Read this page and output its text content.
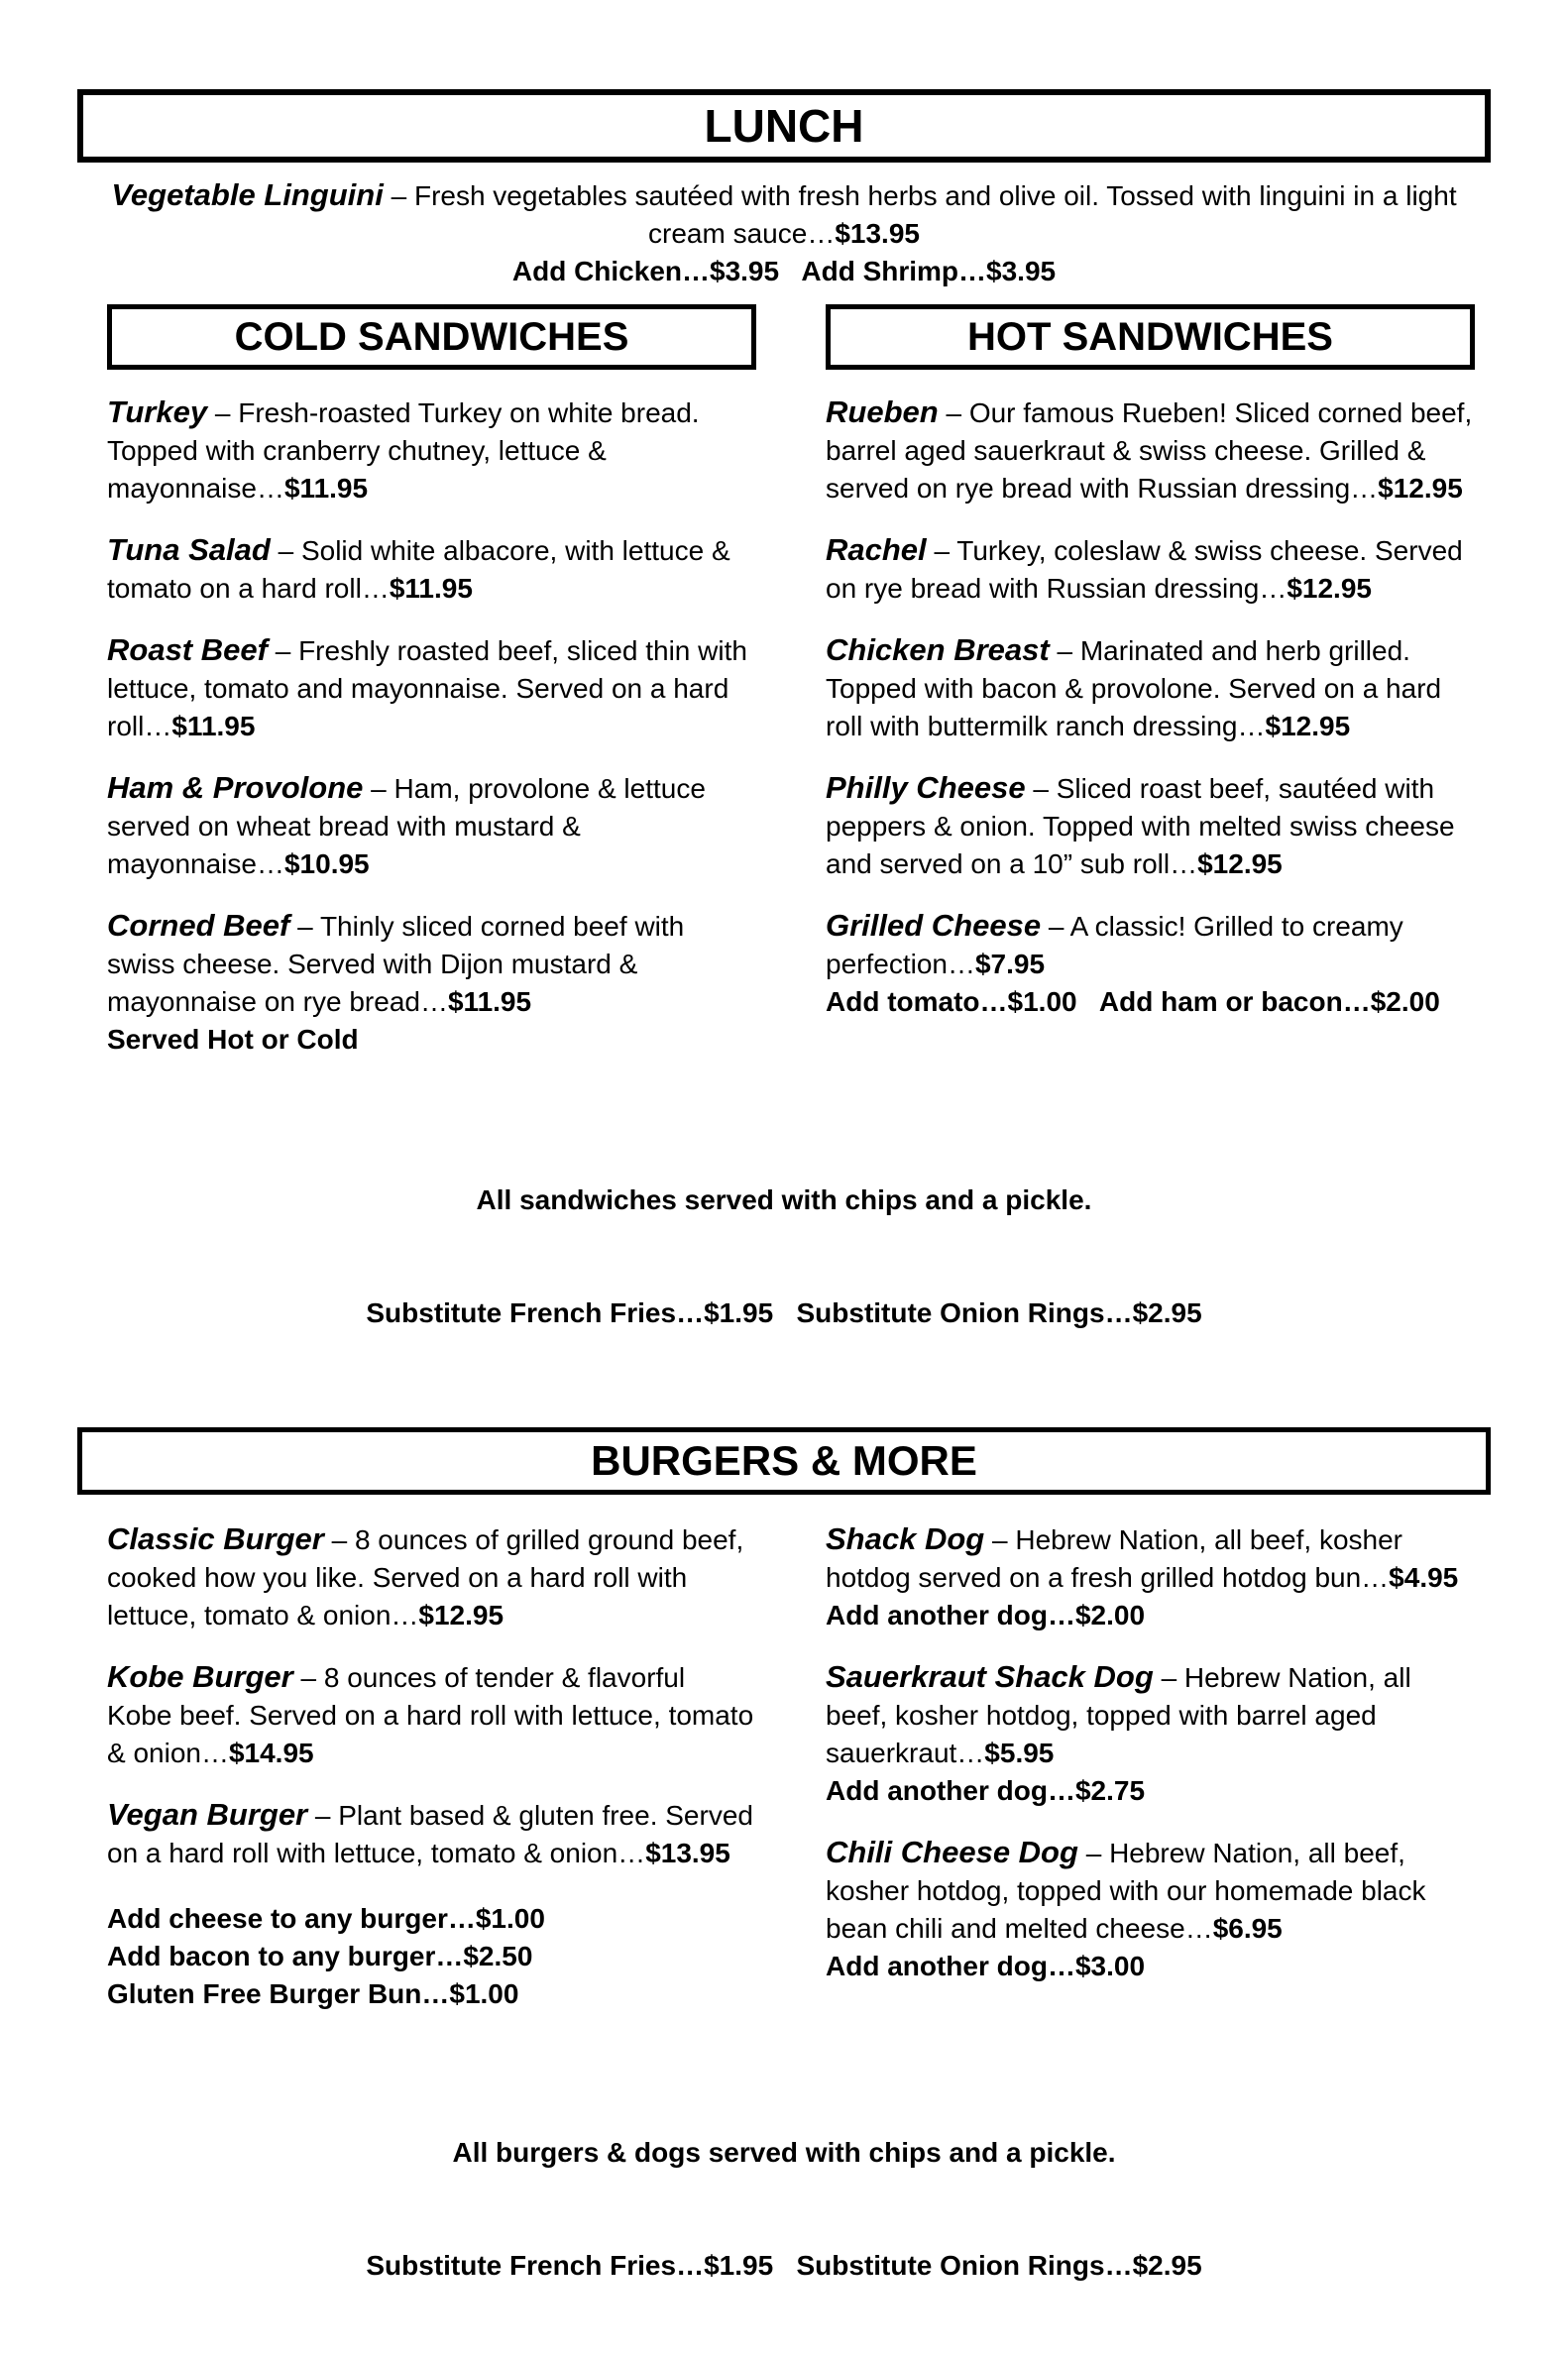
LUNCH
Vegetable Linguini – Fresh vegetables sautéed with fresh herbs and olive oil. Tossed with linguini in a light cream sauce…$13.95
Add Chicken…$3.95   Add Shrimp…$3.95
COLD SANDWICHES
Turkey – Fresh-roasted Turkey on white bread. Topped with cranberry chutney, lettuce & mayonnaise…$11.95
Tuna Salad – Solid white albacore, with lettuce & tomato on a hard roll…$11.95
Roast Beef – Freshly roasted beef, sliced thin with lettuce, tomato and mayonnaise. Served on a hard roll…$11.95
Ham & Provolone – Ham, provolone & lettuce served on wheat bread with mustard & mayonnaise…$10.95
Corned Beef – Thinly sliced corned beef with swiss cheese. Served with Dijon mustard & mayonnaise on rye bread…$11.95
Served Hot or Cold
HOT SANDWICHES
Rueben – Our famous Rueben! Sliced corned beef, barrel aged sauerkraut & swiss cheese. Grilled & served on rye bread with Russian dressing…$12.95
Rachel – Turkey, coleslaw & swiss cheese. Served on rye bread with Russian dressing…$12.95
Chicken Breast – Marinated and herb grilled. Topped with bacon & provolone. Served on a hard roll with buttermilk ranch dressing…$12.95
Philly Cheese – Sliced roast beef, sautéed with peppers & onion. Topped with melted swiss cheese and served on a 10” sub roll…$12.95
Grilled Cheese – A classic! Grilled to creamy perfection…$7.95
Add tomato…$1.00   Add ham or bacon…$2.00

All sandwiches served with chips and a pickle.

Substitute French Fries…$1.95   Substitute Onion Rings…$2.95

BURGERS & MORE
Classic Burger – 8 ounces of grilled ground beef, cooked how you like. Served on a hard roll with lettuce, tomato & onion…$12.95
Kobe Burger – 8 ounces of tender & flavorful Kobe beef. Served on a hard roll with lettuce, tomato & onion…$14.95
Vegan Burger – Plant based & gluten free. Served on a hard roll with lettuce, tomato & onion…$13.95
Add cheese to any burger…$1.00
Add bacon to any burger…$2.50
Gluten Free Burger Bun…$1.00
Shack Dog – Hebrew Nation, all beef, kosher hotdog served on a fresh grilled hotdog bun…$4.95
Add another dog…$2.00
Sauerkraut Shack Dog – Hebrew Nation, all beef, kosher hotdog, topped with barrel aged sauerkraut…$5.95
Add another dog…$2.75
Chili Cheese Dog – Hebrew Nation, all beef, kosher hotdog, topped with our homemade black bean chili and melted cheese…$6.95
Add another dog…$3.00

All burgers & dogs served with chips and a pickle.

Substitute French Fries…$1.95   Substitute Onion Rings…$2.95
